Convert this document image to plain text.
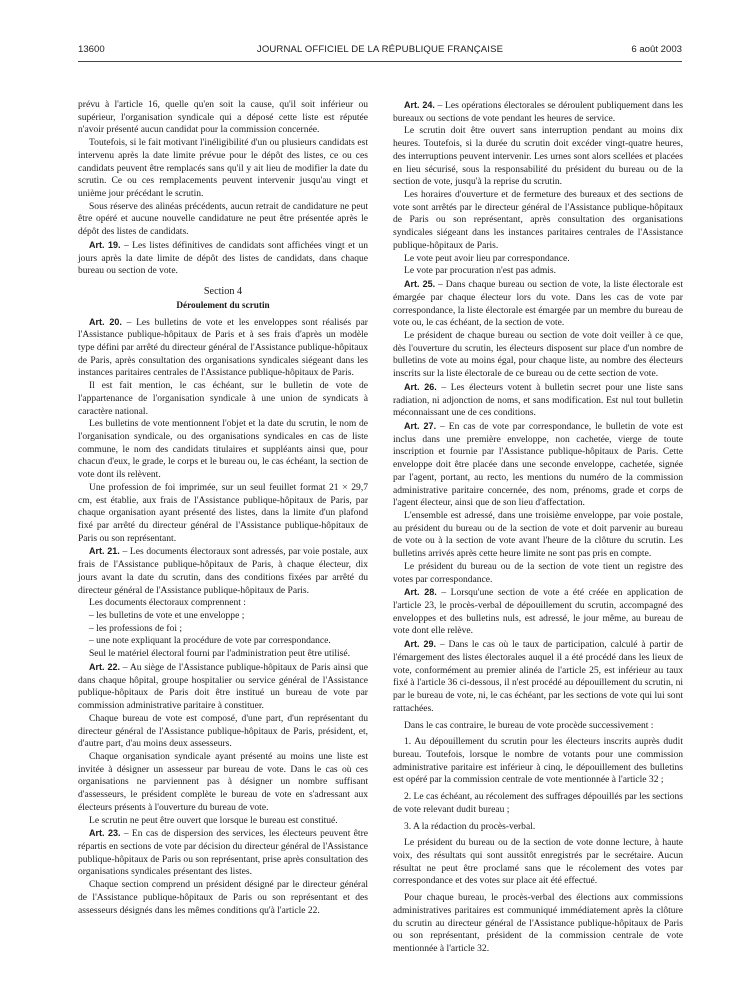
13600	JOURNAL OFFICIEL DE LA RÉPUBLIQUE FRANÇAISE	6 août 2003

prévu à l'article 16, quelle qu'en soit la cause, qu'il soit inférieur ou supérieur, l'organisation syndicale qui a déposé cette liste est réputée n'avoir présenté aucun candidat pour la commission concernée.

Toutefois, si le fait motivant l'inéligibilité d'un ou plusieurs candidats est intervenu après la date limite prévue pour le dépôt des listes, ce ou ces candidats peuvent être remplacés sans qu'il y ait lieu de modifier la date du scrutin. Ce ou ces remplacements peuvent intervenir jusqu'au vingt et unième jour précédant le scrutin.

Sous réserve des alinéas précédents, aucun retrait de candidature ne peut être opéré et aucune nouvelle candidature ne peut être présentée après le dépôt des listes de candidats.

Art. 19. – Les listes définitives de candidats sont affichées vingt et un jours après la date limite de dépôt des listes de candidats, dans chaque bureau ou section de vote.

Section 4

Déroulement du scrutin

Art. 20. – Les bulletins de vote et les enveloppes sont réalisés par l'Assistance publique-hôpitaux de Paris et à ses frais d'après un modèle type défini par arrêté du directeur général de l'Assistance publique-hôpitaux de Paris, après consultation des organisations syndicales siégeant dans les instances paritaires centrales de l'Assistance publique-hôpitaux de Paris.

Il est fait mention, le cas échéant, sur le bulletin de vote de l'appartenance de l'organisation syndicale à une union de syndicats à caractère national.

Les bulletins de vote mentionnent l'objet et la date du scrutin, le nom de l'organisation syndicale, ou des organisations syndicales en cas de liste commune, le nom des candidats titulaires et suppléants ainsi que, pour chacun d'eux, le grade, le corps et le bureau ou, le cas échéant, la section de vote dont ils relèvent.

Une profession de foi imprimée, sur un seul feuillet format 21 × 29,7 cm, est établie, aux frais de l'Assistance publique-hôpitaux de Paris, par chaque organisation ayant présenté des listes, dans la limite d'un plafond fixé par arrêté du directeur général de l'Assistance publique-hôpitaux de Paris ou son représentant.

Art. 21. – Les documents électoraux sont adressés, par voie postale, aux frais de l'Assistance publique-hôpitaux de Paris, à chaque électeur, dix jours avant la date du scrutin, dans des conditions fixées par arrêté du directeur général de l'Assistance publique-hôpitaux de Paris.

Les documents électoraux comprennent :

– les bulletins de vote et une enveloppe ;

– les professions de foi ;

– une note expliquant la procédure de vote par correspondance.

Seul le matériel électoral fourni par l'administration peut être utilisé.

Art. 22. – Au siège de l'Assistance publique-hôpitaux de Paris ainsi que dans chaque hôpital, groupe hospitalier ou service général de l'Assistance publique-hôpitaux de Paris doit être institué un bureau de vote par commission administrative paritaire à constituer.

Chaque bureau de vote est composé, d'une part, d'un représentant du directeur général de l'Assistance publique-hôpitaux de Paris, président, et, d'autre part, d'au moins deux assesseurs.

Chaque organisation syndicale ayant présenté au moins une liste est invitée à désigner un assesseur par bureau de vote. Dans le cas où ces organisations ne parviennent pas à désigner un nombre suffisant d'assesseurs, le président complète le bureau de vote en s'adressant aux électeurs présents à l'ouverture du bureau de vote.

Le scrutin ne peut être ouvert que lorsque le bureau est constitué.

Art. 23. – En cas de dispersion des services, les électeurs peuvent être répartis en sections de vote par décision du directeur général de l'Assistance publique-hôpitaux de Paris ou son représentant, prise après consultation des organisations syndicales présentant des listes.

Chaque section comprend un président désigné par le directeur général de l'Assistance publique-hôpitaux de Paris ou son représentant et des assesseurs désignés dans les mêmes conditions qu'à l'article 22.

Art. 24. – Les opérations électorales se déroulent publiquement dans les bureaux ou sections de vote pendant les heures de service.

Le scrutin doit être ouvert sans interruption pendant au moins dix heures. Toutefois, si la durée du scrutin doit excéder vingt-quatre heures, des interruptions peuvent intervenir. Les urnes sont alors scellées et placées en lieu sécurisé, sous la responsabilité du président du bureau ou de la section de vote, jusqu'à la reprise du scrutin.

Les horaires d'ouverture et de fermeture des bureaux et des sections de vote sont arrêtés par le directeur général de l'Assistance publique-hôpitaux de Paris ou son représentant, après consultation des organisations syndicales siégeant dans les instances paritaires centrales de l'Assistance publique-hôpitaux de Paris.

Le vote peut avoir lieu par correspondance.

Le vote par procuration n'est pas admis.

Art. 25. – Dans chaque bureau ou section de vote, la liste électorale est émargée par chaque électeur lors du vote. Dans les cas de vote par correspondance, la liste électorale est émargée par un membre du bureau de vote ou, le cas échéant, de la section de vote.

Le président de chaque bureau ou section de vote doit veiller à ce que, dès l'ouverture du scrutin, les électeurs disposent sur place d'un nombre de bulletins de vote au moins égal, pour chaque liste, au nombre des électeurs inscrits sur la liste électorale de ce bureau ou de cette section de vote.

Art. 26. – Les électeurs votent à bulletin secret pour une liste sans radiation, ni adjonction de noms, et sans modification. Est nul tout bulletin méconnaissant une de ces conditions.

Art. 27. – En cas de vote par correspondance, le bulletin de vote est inclus dans une première enveloppe, non cachetée, vierge de toute inscription et fournie par l'Assistance publique-hôpitaux de Paris. Cette enveloppe doit être placée dans une seconde enveloppe, cachetée, signée par l'agent, portant, au recto, les mentions du numéro de la commission administrative paritaire concernée, des nom, prénoms, grade et corps de l'agent électeur, ainsi que de son lieu d'affectation.

L'ensemble est adressé, dans une troisième enveloppe, par voie postale, au président du bureau ou de la section de vote et doit parvenir au bureau de vote ou à la section de vote avant l'heure de la clôture du scrutin. Les bulletins arrivés après cette heure limite ne sont pas pris en compte.

Le président du bureau ou de la section de vote tient un registre des votes par correspondance.

Art. 28. – Lorsqu'une section de vote a été créée en application de l'article 23, le procès-verbal de dépouillement du scrutin, accompagné des enveloppes et des bulletins nuls, est adressé, le jour même, au bureau de vote dont elle relève.

Art. 29. – Dans le cas où le taux de participation, calculé à partir de l'émargement des listes électorales auquel il a été procédé dans les lieux de vote, conformément au premier alinéa de l'article 25, est inférieur au taux fixé à l'article 36 ci-dessous, il n'est procédé au dépouillement du scrutin, ni par le bureau de vote, ni, le cas échéant, par les sections de vote qui lui sont rattachées.

Dans le cas contraire, le bureau de vote procède successivement :

1. Au dépouillement du scrutin pour les électeurs inscrits auprès dudit bureau. Toutefois, lorsque le nombre de votants pour une commission administrative paritaire est inférieur à cinq, le dépouillement des bulletins est opéré par la commission centrale de vote mentionnée à l'article 32 ;

2. Le cas échéant, au récolement des suffrages dépouillés par les sections de vote relevant dudit bureau ;

3. A la rédaction du procès-verbal.

Le président du bureau ou de la section de vote donne lecture, à haute voix, des résultats qui sont aussitôt enregistrés par le secrétaire. Aucun résultat ne peut être proclamé sans que le récolement des votes par correspondance et des votes sur place ait été effectué.

Pour chaque bureau, le procès-verbal des élections aux commissions administratives paritaires est communiqué immédiatement après la clôture du scrutin au directeur général de l'Assistance publique-hôpitaux de Paris ou son représentant, président de la commission centrale de vote mentionnée à l'article 32.
